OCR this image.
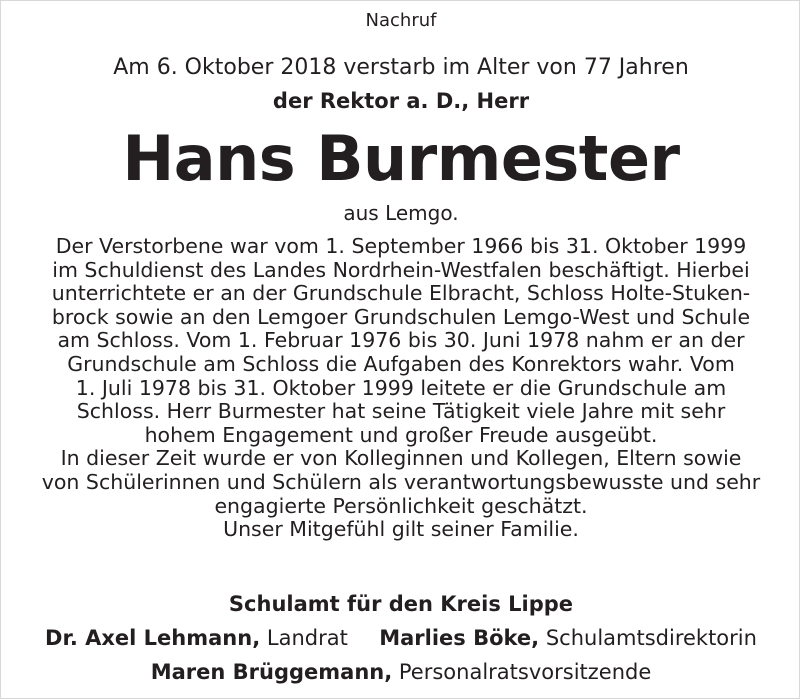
Nachruf
Am 6. Oktober 2018 verstarb im Alter von 77 Jahren
der Rektor a. D., Herr
Hans Burmester
aus Lemgo.
Der Verstorbene war vom 1. September 1966 bis 31. Oktober 1999
im Schuldienst des Landes Nordrhein-Westfalen beschäftigt. Hierbei
unterrichtete er an der Grundschule Elbracht, Schloss Holte-Stuken-
brock sowie an den Lemgoer Grundschulen Lemgo-West und Schule
am Schloss. Vom 1. Februar 1976 bis 30. Juni 1978 nahm er an der
Grundschule am Schloss die Aufgaben des Konrektors wahr. Vom
1. Juli 1978 bis 31. Oktober 1999 leitete er die Grundschule am
Schloss. Herr Burmester hat seine Tätigkeit viele Jahre mit sehr
hohem Engagement und großer Freude ausgeübt.
In dieser Zeit wurde er von Kolleginnen und Kollegen, Eltern sowie
von Schülerinnen und Schülern als verantwortungsbewusste und sehr
engagierte Persönlichkeit geschätzt.
Unser Mitgefühl gilt seiner Familie.
Schulamt für den Kreis Lippe
Dr. Axel Lehmann, Landrat Marlies Böke, Schulamtsdirektorin
Maren Brüggemann, Personalratsvorsitzende
